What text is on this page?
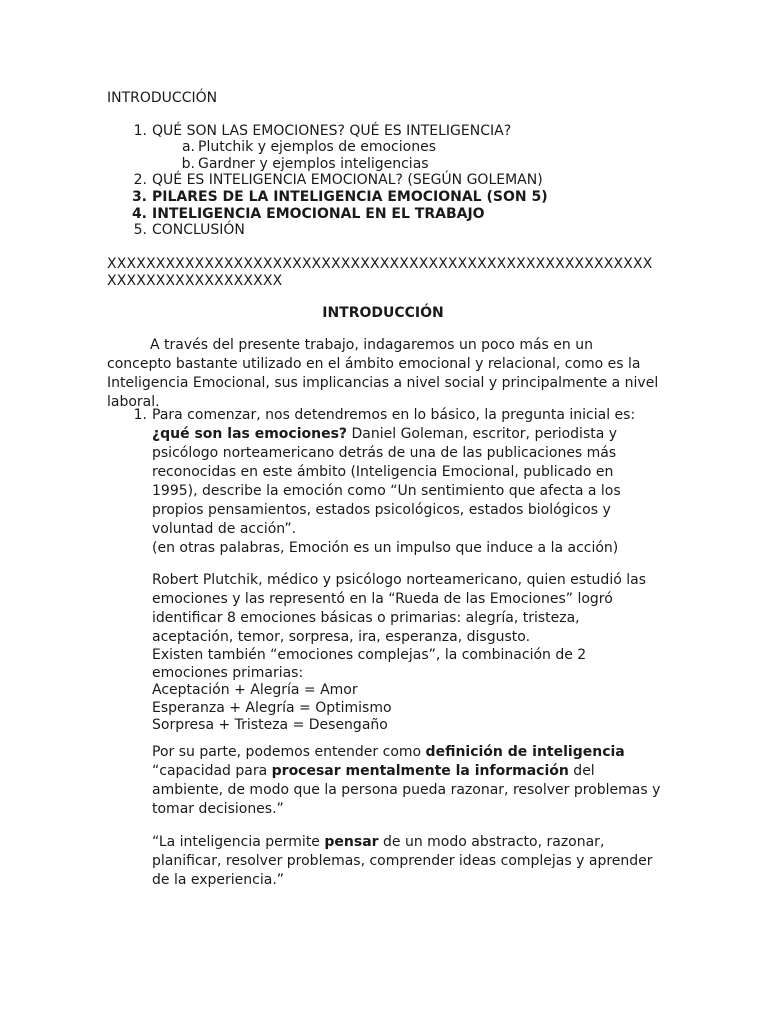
INTRODUCCIÓN
1. QUÉ SON LAS EMOCIONES? QUÉ ES INTELIGENCIA?
a. Plutchik y ejemplos de emociones
b. Gardner y ejemplos inteligencias
2. QUÉ ES INTELIGENCIA EMOCIONAL? (SEGÚN GOLEMAN)
3. PILARES DE LA INTELIGENCIA EMOCIONAL (SON 5)
4. INTELIGENCIA EMOCIONAL EN EL TRABAJO
5. CONCLUSIÓN
XXXXXXXXXXXXXXXXXXXXXXXXXXXXXXXXXXXXXXXXXXXXXXXXXXXXXXXX
XXXXXXXXXXXXXXXXXX
INTRODUCCIÓN
A través del presente trabajo, indagaremos un poco más en un concepto bastante utilizado en el ámbito emocional y relacional, como es la Inteligencia Emocional, sus implicancias a nivel social y principalmente a nivel laboral.
1. Para comenzar, nos detendremos en lo básico, la pregunta inicial es: ¿qué son las emociones? Daniel Goleman, escritor, periodista y psicólogo norteamericano detrás de una de las publicaciones más reconocidas en este ámbito (Inteligencia Emocional, publicado en 1995), describe la emoción como “Un sentimiento que afecta a los propios pensamientos, estados psicológicos, estados biológicos y voluntad de acción”.

(en otras palabras, Emoción es un impulso que induce a la acción)

Robert Plutchik, médico y psicólogo norteamericano, quien estudió las emociones y las representó en la “Rueda de las Emociones” logró identificar 8 emociones básicas o primarias: alegría, tristeza, aceptación, temor, sorpresa, ira, esperanza, disgusto.

Existen también “emociones complejas”, la combinación de 2 emociones primarias:

Aceptación + Alegría = Amor

Esperanza + Alegría = Optimismo

Sorpresa + Tristeza = Desengaño

Por su parte, podemos entender como definición de inteligencia “capacidad para procesar mentalmente la información del ambiente, de modo que la persona pueda razonar, resolver problemas y tomar decisiones.”
“La inteligencia permite pensar de un modo abstracto, razonar, planificar, resolver problemas, comprender ideas complejas y aprender de la experiencia.”
